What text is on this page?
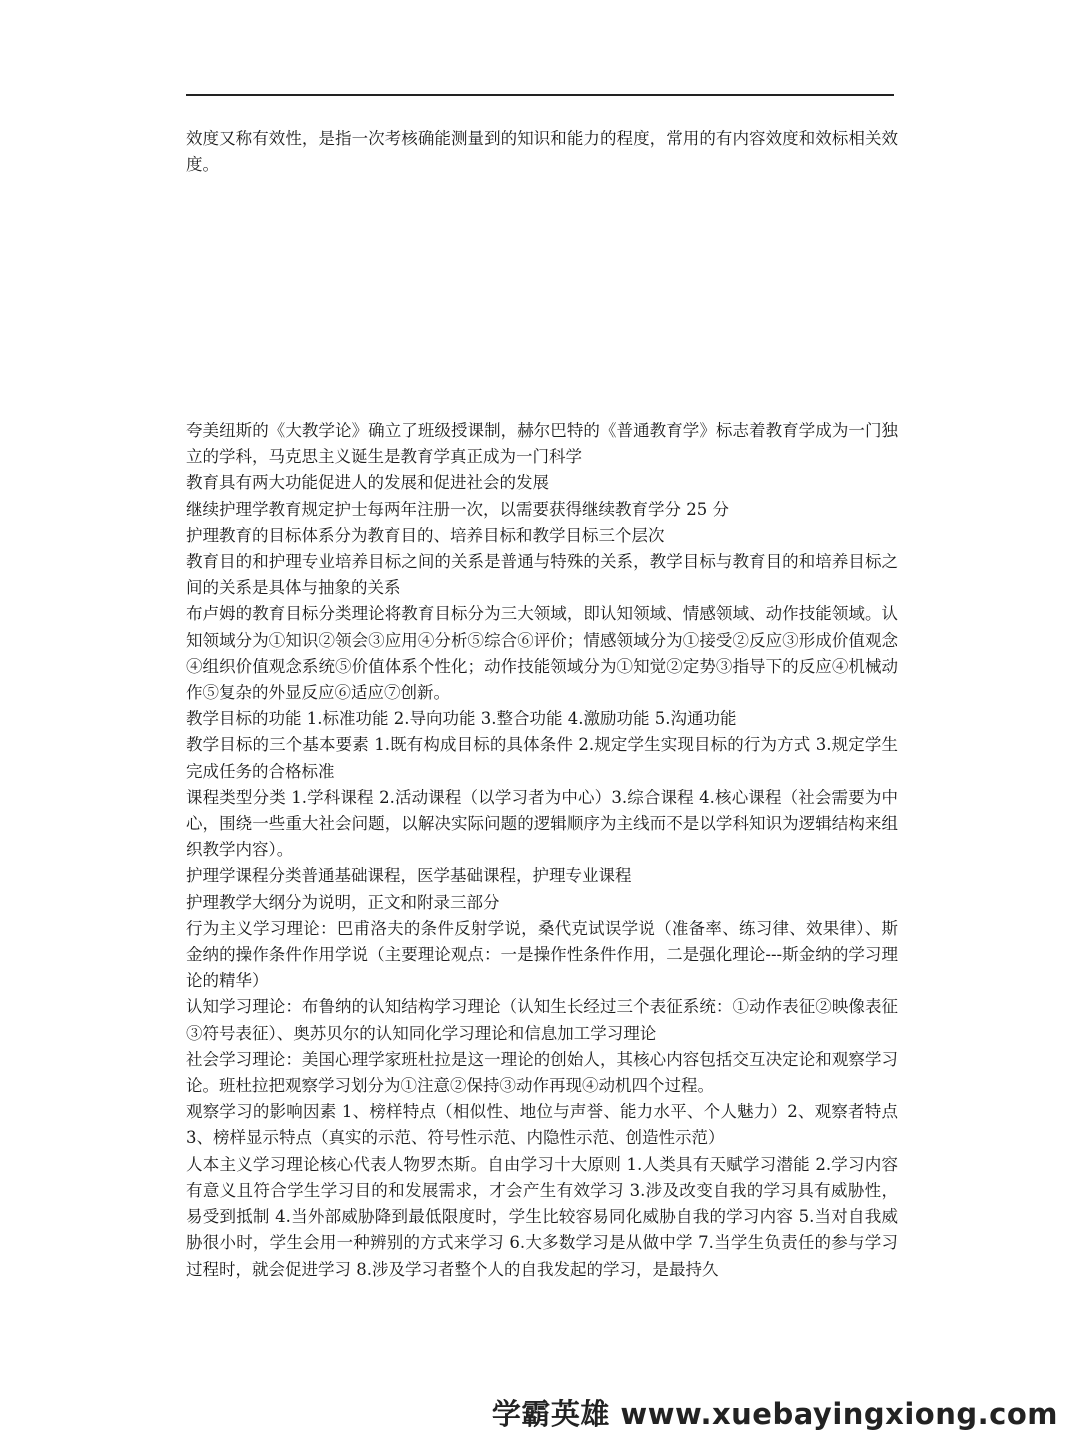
效度又称有效性，是指一次考核确能测量到的知识和能力的程度，常用的有内容效度和效标相关效度。

夸美纽斯的《大教学论》确立了班级授课制，赫尔巴特的《普通教育学》标志着教育学成为一门独立的学科，马克思主义诞生是教育学真正成为一门科学

教育具有两大功能促进人的发展和促进社会的发展

继续护理学教育规定护士每两年注册一次，以需要获得继续教育学分 25 分

护理教育的目标体系分为教育目的、培养目标和教学目标三个层次

教育目的和护理专业培养目标之间的关系是普通与特殊的关系，教学目标与教育目的和培养目标之间的关系是具体与抽象的关系

布卢姆的教育目标分类理论将教育目标分为三大领域，即认知领域、情感领域、动作技能领域。认知领域分为①知识②领会③应用④分析⑤综合⑥评价；情感领域分为①接受②反应③形成价值观念④组织价值观念系统⑤价值体系个性化；动作技能领域分为①知觉②定势③指导下的反应④机械动作⑤复杂的外显反应⑥适应⑦创新。

教学目标的功能 1.标准功能 2.导向功能 3.整合功能 4.激励功能 5.沟通功能

教学目标的三个基本要素 1.既有构成目标的具体条件 2.规定学生实现目标的行为方式 3.规定学生完成任务的合格标准

课程类型分类 1.学科课程 2.活动课程（以学习者为中心）3.综合课程 4.核心课程（社会需要为中心，围绕一些重大社会问题，以解决实际问题的逻辑顺序为主线而不是以学科知识为逻辑结构来组织教学内容）。

护理学课程分类普通基础课程，医学基础课程，护理专业课程

护理教学大纲分为说明，正文和附录三部分

行为主义学习理论：巴甫洛夫的条件反射学说，桑代克试误学说（准备率、练习律、效果律）、斯金纳的操作条件作用学说（主要理论观点：一是操作性条件作用，二是强化理论---斯金纳的学习理论的精华）

认知学习理论：布鲁纳的认知结构学习理论（认知生长经过三个表征系统：①动作表征②映像表征③符号表征）、奥苏贝尔的认知同化学习理论和信息加工学习理论

社会学习理论：美国心理学家班杜拉是这一理论的创始人，其核心内容包括交互决定论和观察学习论。班杜拉把观察学习划分为①注意②保持③动作再现④动机四个过程。

观察学习的影响因素 1、榜样特点（相似性、地位与声誉、能力水平、个人魅力）2、观察者特点 3、榜样显示特点（真实的示范、符号性示范、内隐性示范、创造性示范）

人本主义学习理论核心代表人物罗杰斯。自由学习十大原则 1.人类具有天赋学习潜能 2.学习内容有意义且符合学生学习目的和发展需求，才会产生有效学习 3.涉及改变自我的学习具有威胁性，易受到抵制 4.当外部威胁降到最低限度时，学生比较容易同化威胁自我的学习内容 5.当对自我威胁很小时，学生会用一种辨别的方式来学习 6.大多数学习是从做中学 7.当学生负责任的参与学习过程时，就会促进学习 8.涉及学习者整个人的自我发起的学习，是最持久

学霸英雄 www.xuebayingxiong.com
